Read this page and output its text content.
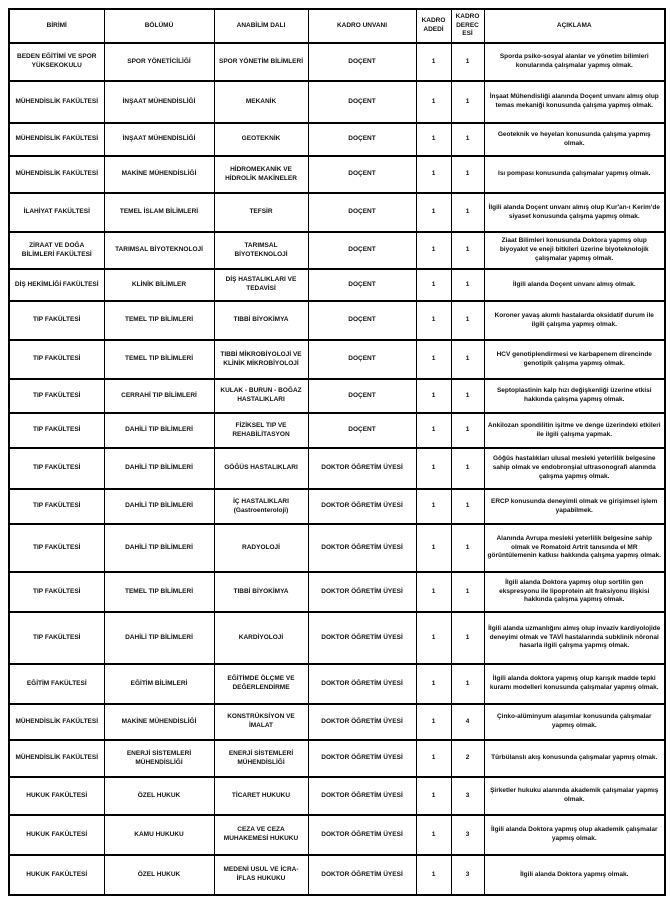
BİRİMİ	BÖLÜMÜ	ANABİLİM DALI	KADRO UNVANI	KADRO ADEDİ	KADRO DERECESİ	AÇIKLAMA
BEDEN EĞİTİMİ VE SPOR YÜKSEKOKULU	SPOR YÖNETİCİLİĞİ	SPOR YÖNETİM BİLİMLERİ	DOÇENT	1	1	Sporda psiko-sosyal alanlar ve yönetim bilimleri konularında çalışmalar yapmış olmak.
MÜHENDİSLİK FAKÜLTESİ	İNŞAAT MÜHENDİSLİĞİ	MEKANİK	DOÇENT	1	1	İnşaat Mühendisliği alanında Doçent unvanı almış olup temas mekaniği konusunda çalışma yapmış olmak.
MÜHENDİSLİK FAKÜLTESİ	İNŞAAT MÜHENDİSLİĞİ	GEOTEKNİK	DOÇENT	1	1	Geoteknik ve heyelan konusunda çalışma yapmış olmak.
MÜHENDİSLİK FAKÜLTESİ	MAKİNE MÜHENDİSLİĞİ	HİDROMEKANİK VE HİDROLİK MAKİNELER	DOÇENT	1	1	Isı pompası konusunda çalışmalar yapmış olmak.
İLAHİYAT FAKÜLTESİ	TEMEL İSLAM BİLİMLERİ	TEFSİR	DOÇENT	1	1	İlgili alanda Doçent unvanı almış olup Kur'an-ı Kerim'de siyaset konusunda çalışma yapmış olmak.
ZİRAAT VE DOĞA BİLİMLERİ FAKÜLTESİ	TARIMSAL BİYOTEKNOLOJİ	TARIMSAL BİYOTEKNOLOJİ	DOÇENT	1	1	Ziaat Bilimleri konusunda Doktora yapmış olup biyoyakıt ve eneji bitkileri üzerine biyoteknolojik çalışmalar yapmış olmak.
DİŞ HEKİMLİĞİ FAKÜLTESİ	KLİNİK BİLİMLER	DİŞ HASTALIKLARI VE TEDAVİSİ	DOÇENT	1	1	İlgili alanda Doçent unvanı almış olmak.
TIP FAKÜLTESİ	TEMEL TIP BİLİMLERİ	TIBBİ BİYOKİMYA	DOÇENT	1	1	Koroner yavaş akımlı hastalarda oksidatif durum ile ilgili çalışma yapmış olmak.
TIP FAKÜLTESİ	TEMEL TIP BİLİMLERİ	TIBBİ MİKROBİYOLOJİ VE KLİNİK MİKROBİYOLOJİ	DOÇENT	1	1	HCV genotiplendirmesi ve karbapenem direncinde genotipik çalışma yapmış olmak.
TIP FAKÜLTESİ	CERRAHİ TIP BİLİMLERİ	KULAK - BURUN - BOĞAZ HASTALIKLARI	DOÇENT	1	1	Septoplastinin kalp hızı değişkenliği üzerine etkisi hakkında çalışma yapmış olmak.
TIP FAKÜLTESİ	DAHİLİ TIP BİLİMLERİ	FİZİKSEL TIP VE REHABİLİTASYON	DOÇENT	1	1	Ankilozan spondilitin işitme ve denge üzerindeki etkileri ile ilgili çalışma yapmak.
TIP FAKÜLTESİ	DAHİLİ TIP BİLİMLERİ	GÖĞÜS HASTALIKLARI	DOKTOR ÖĞRETİM ÜYESİ	1	1	Göğüs hastalıkları ulusal mesleki yeterlilik belgesine sahip olmak ve endobronşial ultrasonografi alanında çalışma yapmış olmak.
TIP FAKÜLTESİ	DAHİLİ TIP BİLİMLERİ	İÇ HASTALIKLARI (Gastroenteroloji)	DOKTOR ÖĞRETİM ÜYESİ	1	1	ERCP konusunda deneyimli olmak ve girişimsel işlem yapabilmek.
TIP FAKÜLTESİ	DAHİLİ TIP BİLİMLERİ	RADYOLOJİ	DOKTOR ÖĞRETİM ÜYESİ	1	1	Alanında Avrupa mesleki yeterlilik belgesine sahip olmak ve Romatoid Artrit tanısında el MR görüntülemenin katkısı hakkında çalışma yapmış olmak.
TIP FAKÜLTESİ	TEMEL TIP BİLİMLERİ	TIBBİ BİYOKİMYA	DOKTOR ÖĞRETİM ÜYESİ	1	1	İlgili alanda Doktora yapmış olup sortilin gen ekspresyonu ile lipoprotein alt fraksiyonu ilişkisi hakkında çalışma yapmış olmak.
TIP FAKÜLTESİ	DAHİLİ TIP BİLİMLERİ	KARDİYOLOJİ	DOKTOR ÖĞRETİM ÜYESİ	1	1	İlgili alanda uzmanlığını almış olup invaziv kardiyolojide deneyimi olmak ve TAVİ hastalarında subklinik nöronal hasarla ilgili çalışma yapmış olmak.
EĞİTİM FAKÜLTESİ	EĞİTİM BİLİMLERİ	EĞİTİMDE ÖLÇME VE DEĞERLENDİRME	DOKTOR ÖĞRETİM ÜYESİ	1	1	İlgili alanda doktora yapmış olup karışık madde tepki kuramı modelleri konusunda çalışmalar yapmış olmak.
MÜHENDİSLİK FAKÜLTESİ	MAKİNE MÜHENDİSLİĞİ	KONSTRÜKSİYON VE İMALAT	DOKTOR ÖĞRETİM ÜYESİ	1	4	Çinko-alüminyum alaşımlar konusunda çalışmalar yapmış olmak.
MÜHENDİSLİK FAKÜLTESİ	ENERJİ SİSTEMLERİ MÜHENDİSLİĞİ	ENERJİ SİSTEMLERİ MÜHENDİSLİĞİ	DOKTOR ÖĞRETİM ÜYESİ	1	2	Türbülanslı akış konusunda çalışmalar yapmış olmak.
HUKUK FAKÜLTESİ	ÖZEL HUKUK	TİCARET HUKUKU	DOKTOR ÖĞRETİM ÜYESİ	1	3	Şirketler hukuku alanında akademik çalışmalar yapmış olmak.
HUKUK FAKÜLTESİ	KAMU HUKUKU	CEZA VE CEZA MUHAKEMESİ HUKUKU	DOKTOR ÖĞRETİM ÜYESİ	1	3	İlgili alanda Doktora yapmış olup akademik çalışmalar yapmış olmak.
HUKUK FAKÜLTESİ	ÖZEL HUKUK	MEDENİ USUL VE İCRA-İFLAS HUKUKU	DOKTOR ÖĞRETİM ÜYESİ	1	3	İlgili alanda Doktora yapmış olmak.
